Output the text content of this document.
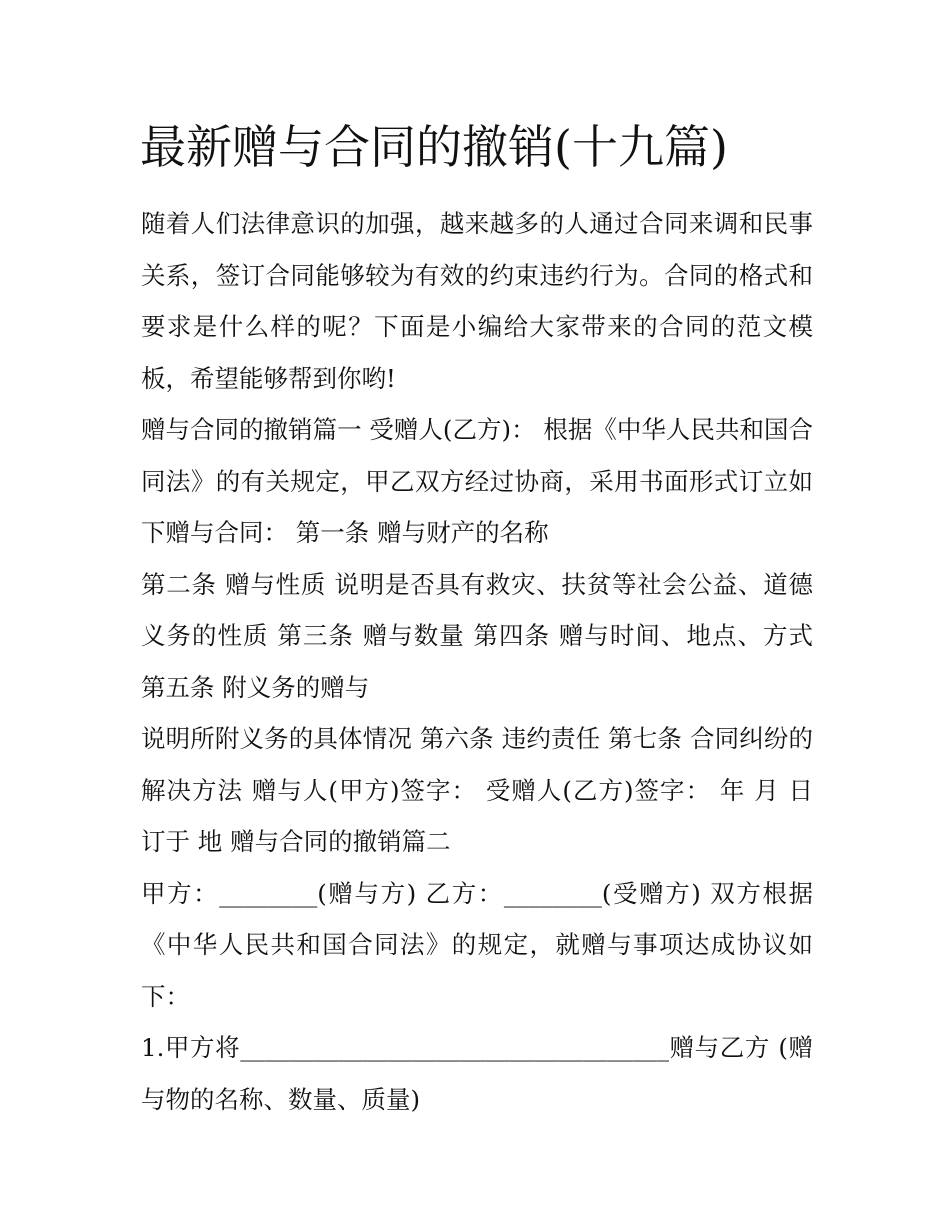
最新赠与合同的撤销(十九篇)

随着人们法律意识的加强，越来越多的人通过合同来调和民事关系，签订合同能够较为有效的约束违约行为。合同的格式和要求是什么样的呢？下面是小编给大家带来的合同的范文模板，希望能够帮到你哟!

赠与合同的撤销篇一 受赠人(乙方)： 根据《中华人民共和国合同法》的有关规定，甲乙双方经过协商，采用书面形式订立如下赠与合同： 第一条 赠与财产的名称

第二条 赠与性质 说明是否具有救灾、扶贫等社会公益、道德义务的性质 第三条 赠与数量 第四条 赠与时间、地点、方式 第五条 附义务的赠与

说明所附义务的具体情况 第六条 违约责任 第七条 合同纠纷的解决方法 赠与人(甲方)签字： 受赠人(乙方)签字： 年 月 日 订于 地 赠与合同的撤销篇二

甲方：________(赠与方) 乙方：________(受赠方) 双方根据《中华人民共和国合同法》的规定，就赠与事项达成协议如下：

1.甲方将___________________________________赠与乙方 (赠与物的名称、数量、质量)
